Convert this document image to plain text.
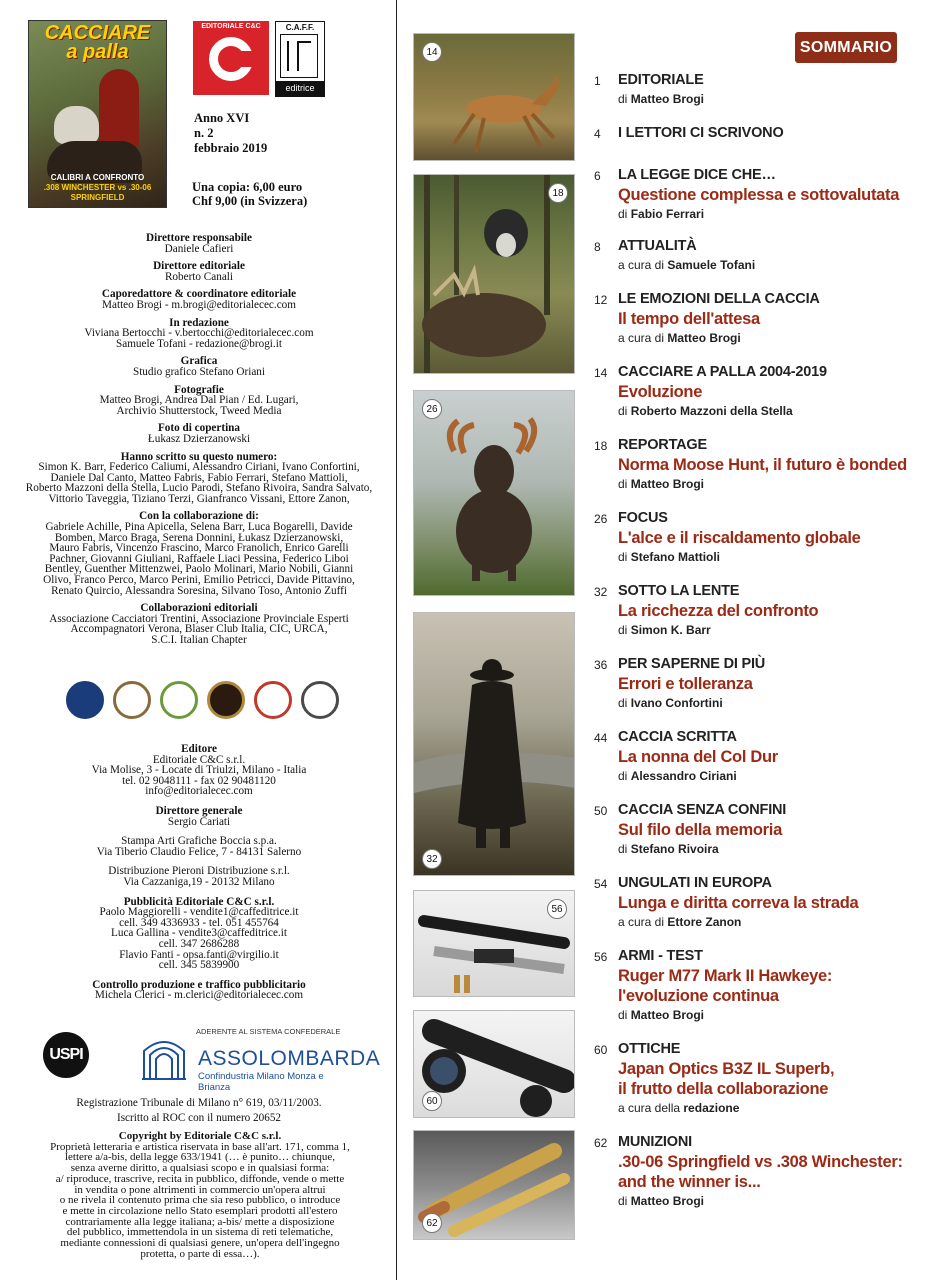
CACCIARE
a palla
CALIBRI A CONFRONTO
.308 WINCHESTER vs .30-06 SPRINGFIELD
EDITORIALE C&C	C.A.F.F.
editrice
Anno XVI
n. 2
febbraio 2019
Una copia: 6,00 euro
Chf 9,00 (in Svizzera)
Direttore responsabile
Daniele Cafieri
Direttore editoriale
Roberto Canali
Caporedattore & coordinatore editoriale
Matteo Brogi - m.brogi@editorialecec.com
In redazione
Viviana Bertocchi - v.bertocchi@editorialecec.com
Samuele Tofani - redazione@brogi.it
Grafica
Studio grafico Stefano Oriani
Fotografie
Matteo Brogi, Andrea Dal Pian / Ed. Lugari,
Archivio Shutterstock, Tweed Media
Foto di copertina
Łukasz Dzierzanowski
Hanno scritto su questo numero:
Simon K. Barr, Federico Caliumi, Alessandro Ciriani, Ivano Confortini,
Daniele Dal Canto, Matteo Fabris, Fabio Ferrari, Stefano Mattioli,
Roberto Mazzoni della Stella, Lucio Parodi, Stefano Rivoira, Sandra Salvato,
Vittorio Taveggia, Tiziano Terzi, Gianfranco Vissani, Ettore Zanon,
Con la collaborazione di:
Gabriele Achille, Pina Apicella, Selena Barr, Luca Bogarelli, Davide
Bomben, Marco Braga, Serena Donnini, Łukasz Dzierzanowski,
Mauro Fabris, Vincenzo Frascino, Marco Franolich, Enrico Garelli
Pachner, Giovanni Giuliani, Raffaele Liaci Pessina, Federico Liboi
Bentley, Guenther Mittenzwei, Paolo Molinari, Mario Nobili, Gianni
Olivo, Franco Perco, Marco Perini, Emilio Petricci, Davide Pittavino,
Renato Quircio, Alessandra Soresina, Silvano Toso, Antonio Zuffi
Collaborazioni editoriali
Associazione Cacciatori Trentini, Associazione Provinciale Esperti
Accompagnatori Verona, Blaser Club Italia, CIC, URCA,
S.C.I. Italian Chapter
Editore
Editoriale C&C s.r.l.
Via Molise, 3 - Locate di Triulzi, Milano - Italia
tel. 02 9048111 - fax 02 90481120
info@editorialecec.com
Direttore generale
Sergio Cariati
Stampa Arti Grafiche Boccia s.p.a.
Via Tiberio Claudio Felice, 7 - 84131 Salerno
Distribuzione Pieroni Distribuzione s.r.l.
Via Cazzaniga,19 - 20132 Milano
Pubblicità Editoriale C&C s.r.l.
Paolo Maggiorelli - vendite1@caffeditrice.it
cell. 349 4336933 - tel. 051 455764
Luca Gallina - vendite3@caffeditrice.it
cell. 347 2686288
Flavio Fanti - opsa.fanti@virgilio.it
cell. 345 5839900
Controllo produzione e traffico pubblicitario
Michela Clerici - m.clerici@editorialecec.com
USPI
ADERENTE AL SISTEMA CONFEDERALE
ASSOLOMBARDA
Confindustria Milano Monza e Brianza
Registrazione Tribunale di Milano n° 619, 03/11/2003.
Iscritto al ROC con il numero 20652
Copyright by Editoriale C&C s.r.l.
Proprietà letteraria e artistica riservata in base all'art. 171, comma 1,
lettere a/a-bis, della legge 633/1941 (… è punito… chiunque,
senza averne diritto, a qualsiasi scopo e in qualsiasi forma:
a/ riproduce, trascrive, recita in pubblico, diffonde, vende o mette
in vendita o pone altrimenti in commercio un'opera altrui
o ne rivela il contenuto prima che sia reso pubblico, o introduce
e mette in circolazione nello Stato esemplari prodotti all'estero
contrariamente alla legge italiana; a-bis/ mette a disposizione
del pubblico, immettendola in un sistema di reti telematiche,
mediante connessioni di qualsiasi genere, un'opera dell'ingegno
protetta, o parte di essa…).
SOMMARIO
14
18
26
32
56
60
62
1	EDITORIALE
di Matteo Brogi
4	I LETTORI CI SCRIVONO
6	LA LEGGE DICE CHE…
Questione complessa e sottovalutata
di Fabio Ferrari
8	ATTUALITÀ
a cura di Samuele Tofani
12 LE EMOZIONI DELLA CACCIA
Il tempo dell'attesa
a cura di Matteo Brogi
14 CACCIARE A PALLA 2004-2019
Evoluzione
di Roberto Mazzoni della Stella
18 REPORTAGE
Norma Moose Hunt, il futuro è bonded
di Matteo Brogi
26 FOCUS
L'alce e il riscaldamento globale
di Stefano Mattioli
32 SOTTO LA LENTE
La ricchezza del confronto
di Simon K. Barr
36 PER SAPERNE DI PIÙ
Errori e tolleranza
di Ivano Confortini
44 CACCIA SCRITTA
La nonna del Col Dur
di Alessandro Ciriani
50 CACCIA SENZA CONFINI
Sul filo della memoria
di Stefano Rivoira
54 UNGULATI IN EUROPA
Lunga e diritta correva la strada
a cura di Ettore Zanon
56 ARMI - TEST
Ruger M77 Mark II Hawkeye:
l'evoluzione continua
di Matteo Brogi
60 OTTICHE
Japan Optics B3Z IL Superb,
il frutto della collaborazione
a cura della redazione
62 MUNIZIONI
.30-06 Springfield vs .308 Winchester:
and the winner is...
di Matteo Brogi
